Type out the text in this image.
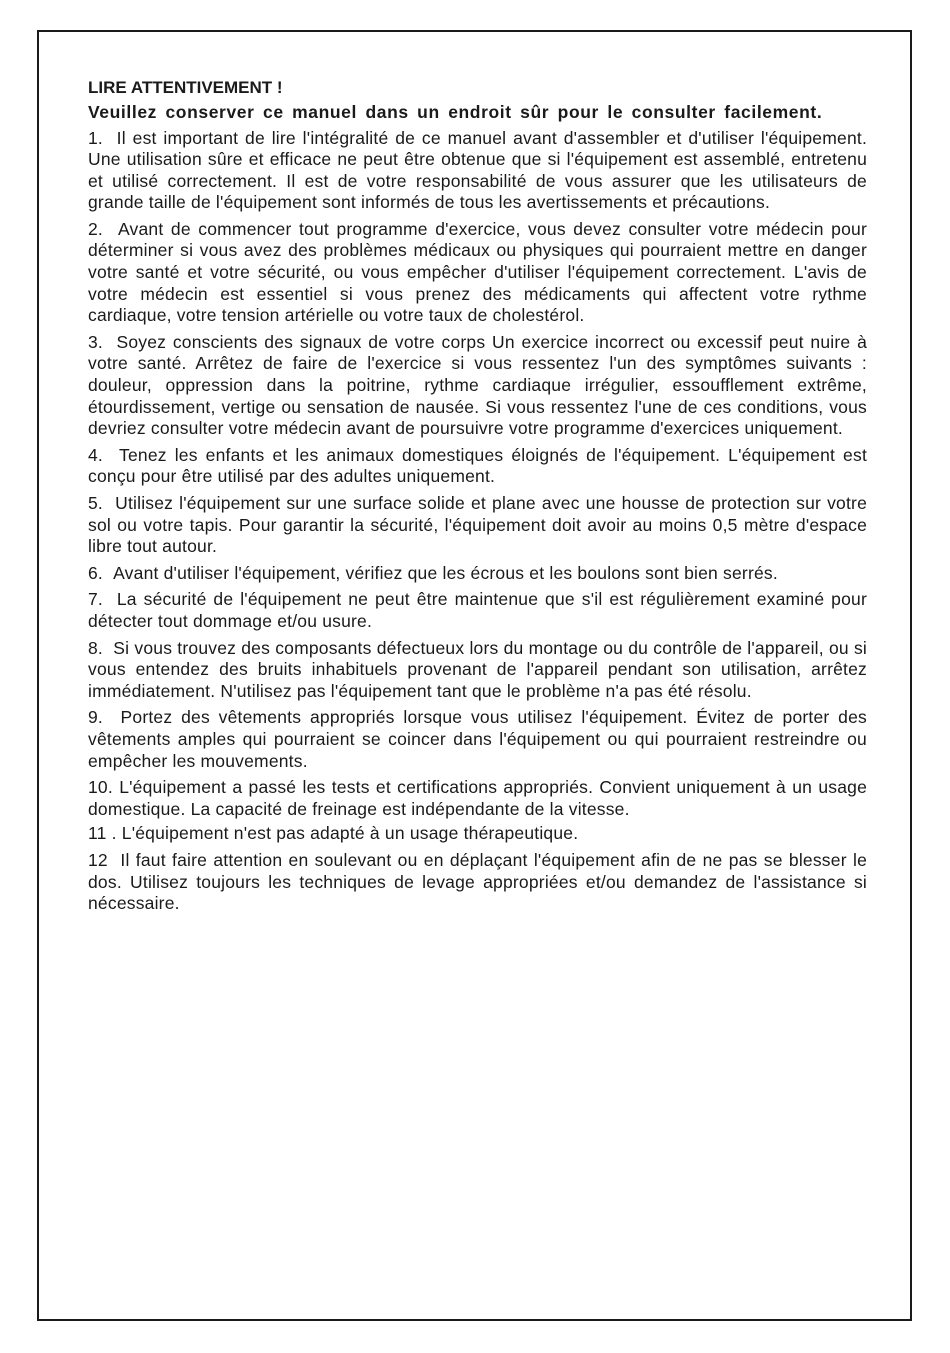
LIRE ATTENTIVEMENT !
Veuillez conserver ce manuel dans un endroit sûr pour le consulter facilement.
1. Il est important de lire l'intégralité de ce manuel avant d'assembler et d'utiliser l'équipement. Une utilisation sûre et efficace ne peut être obtenue que si l'équipement est assemblé, entretenu et utilisé correctement. Il est de votre responsabilité de vous assurer que les utilisateurs de grande taille de l'équipement sont informés de tous les avertissements et précautions.
2. Avant de commencer tout programme d'exercice, vous devez consulter votre médecin pour déterminer si vous avez des problèmes médicaux ou physiques qui pourraient mettre en danger votre santé et votre sécurité, ou vous empêcher d'utiliser l'équipement correctement. L'avis de votre médecin est essentiel si vous prenez des médicaments qui affectent votre rythme cardiaque, votre tension artérielle ou votre taux de cholestérol.
3. Soyez conscients des signaux de votre corps Un exercice incorrect ou excessif peut nuire à votre santé. Arrêtez de faire de l'exercice si vous ressentez l'un des symptômes suivants : douleur, oppression dans la poitrine, rythme cardiaque irrégulier, essoufflement extrême, étourdissement, vertige ou sensation de nausée. Si vous ressentez l'une de ces conditions, vous devriez consulter votre médecin avant de poursuivre votre programme d'exercices uniquement.
4. Tenez les enfants et les animaux domestiques éloignés de l'équipement. L'équipement est conçu pour être utilisé par des adultes uniquement.
5. Utilisez l'équipement sur une surface solide et plane avec une housse de protection sur votre sol ou votre tapis. Pour garantir la sécurité, l'équipement doit avoir au moins 0,5 mètre d'espace libre tout autour.
6. Avant d'utiliser l'équipement, vérifiez que les écrous et les boulons sont bien serrés.
7. La sécurité de l'équipement ne peut être maintenue que s'il est régulièrement examiné pour détecter tout dommage et/ou usure.
8. Si vous trouvez des composants défectueux lors du montage ou du contrôle de l'appareil, ou si vous entendez des bruits inhabituels provenant de l'appareil pendant son utilisation, arrêtez immédiatement. N'utilisez pas l'équipement tant que le problème n'a pas été résolu.
9. Portez des vêtements appropriés lorsque vous utilisez l'équipement. Évitez de porter des vêtements amples qui pourraient se coincer dans l'équipement ou qui pourraient restreindre ou empêcher les mouvements.
10. L'équipement a passé les tests et certifications appropriés. Convient uniquement à un usage domestique. La capacité de freinage est indépendante de la vitesse.
11 . L'équipement n'est pas adapté à un usage thérapeutique.
12 Il faut faire attention en soulevant ou en déplaçant l'équipement afin de ne pas se blesser le dos. Utilisez toujours les techniques de levage appropriées et/ou demandez de l'assistance si nécessaire.
